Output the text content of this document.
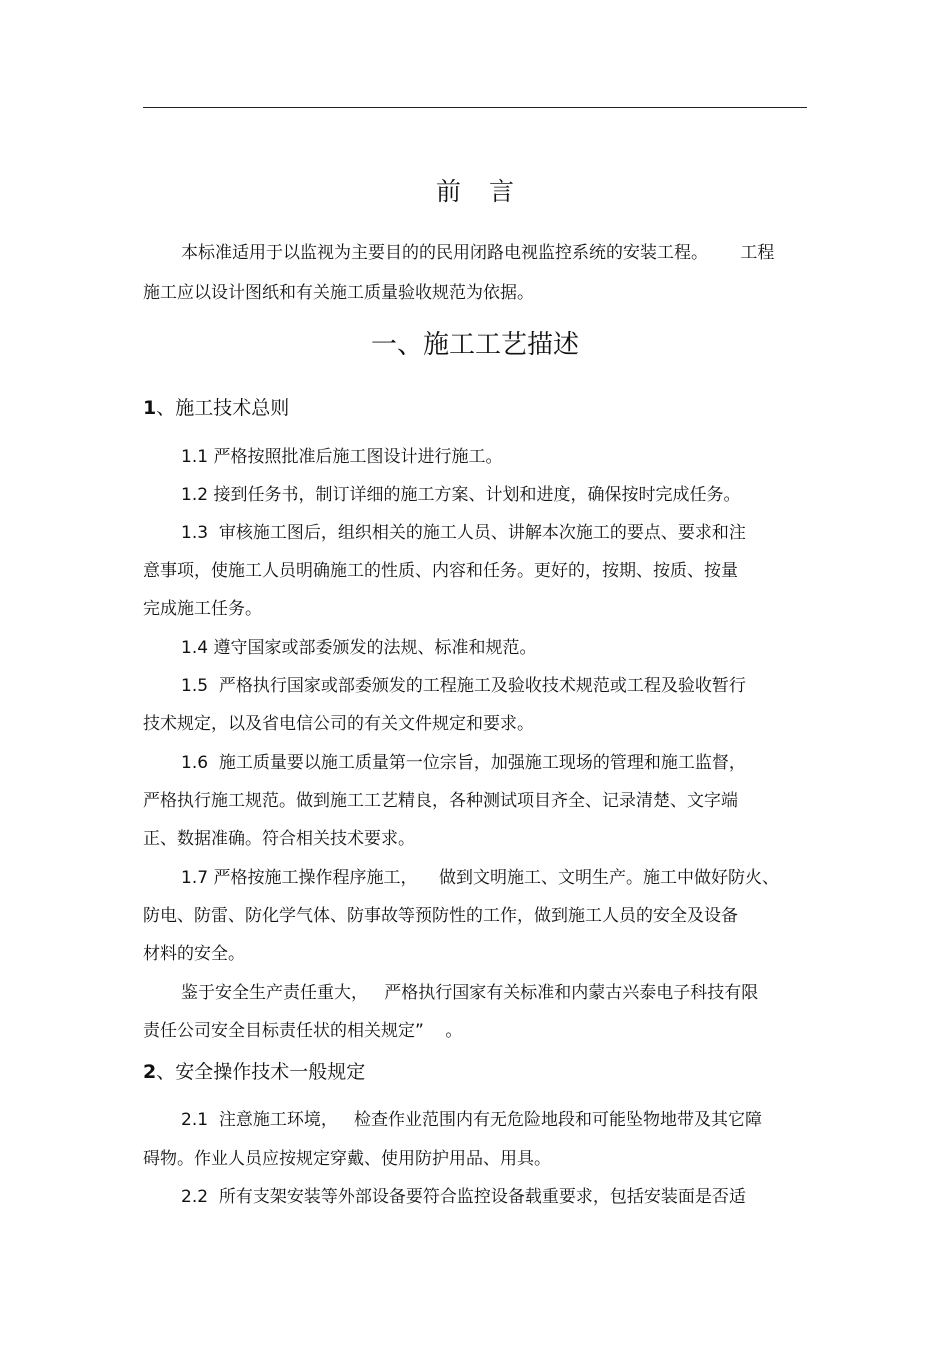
前言
本标准适用于以监视为主要目的的民用闭路电视监控系统的安装工程。      工程
施工应以设计图纸和有关施工质量验收规范为依据。
一、施工工艺描述
1、施工技术总则
1.1 严格按照批准后施工图设计进行施工。
1.2 接到任务书，制订详细的施工方案、计划和进度，确保按时完成任务。
1.3  审核施工图后，组织相关的施工人员、讲解本次施工的要点、要求和注
意事项，使施工人员明确施工的性质、内容和任务。更好的，按期、按质、按量
完成施工任务。
1.4 遵守国家或部委颁发的法规、标准和规范。
1.5  严格执行国家或部委颁发的工程施工及验收技术规范或工程及验收暂行
技术规定，以及省电信公司的有关文件规定和要求。
1.6  施工质量要以施工质量第一位宗旨，加强施工现场的管理和施工监督，
严格执行施工规范。做到施工工艺精良，各种测试项目齐全、记录清楚、文字端
正、数据准确。符合相关技术要求。
1.7 严格按施工操作程序施工，    做到文明施工、文明生产。施工中做好防火、
防电、防雷、防化学气体、防事故等预防性的工作，做到施工人员的安全及设备
材料的安全。
鉴于安全生产责任重大，   严格执行国家有关标准和内蒙古兴泰电子科技有限
责任公司安全目标责任状的相关规定”    。
2、安全操作技术一般规定
2.1  注意施工环境，   检查作业范围内有无危险地段和可能坠物地带及其它障
碍物。作业人员应按规定穿戴、使用防护用品、用具。
2.2  所有支架安装等外部设备要符合监控设备载重要求，包括安装面是否适
